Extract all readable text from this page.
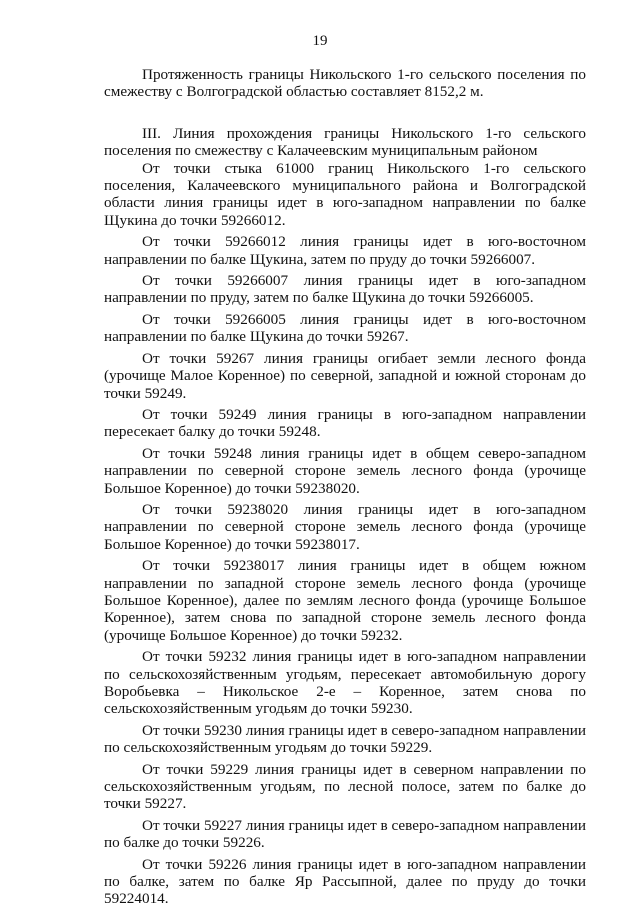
19

Протяженность границы Никольского 1-го сельского поселения по смежеству с Волгоградской областью составляет 8152,2 м.

III. Линия прохождения границы Никольского 1-го сельского поселения по смежеству с Калачеевским муниципальным районом

От точки стыка 61000 границ Никольского 1-го сельского поселения, Калачеевского муниципального района и Волгоградской области линия границы идет в юго-западном направлении по балке Щукина до точки 59266012.

От точки 59266012 линия границы идет в юго-восточном направлении по балке Щукина, затем по пруду до точки 59266007.

От точки 59266007 линия границы идет в юго-западном направлении по пруду, затем по балке Щукина до точки 59266005.

От точки 59266005 линия границы идет в юго-восточном направлении по балке Щукина до точки 59267.

От точки 59267 линия границы огибает земли лесного фонда (урочище Малое Коренное) по северной, западной и южной сторонам до точки 59249.

От точки 59249 линия границы в юго-западном направлении пересекает балку до точки 59248.

От точки 59248 линия границы идет в общем северо-западном направлении по северной стороне земель лесного фонда (урочище Большое Коренное) до точки 59238020.

От точки 59238020 линия границы идет в юго-западном направлении по северной стороне земель лесного фонда (урочище Большое Коренное) до точки 59238017.

От точки 59238017 линия границы идет в общем южном направлении по западной стороне земель лесного фонда (урочище Большое Коренное), далее по землям лесного фонда (урочище Большое Коренное), затем снова по западной стороне земель лесного фонда (урочище Большое Коренное) до точки 59232.

От точки 59232 линия границы идет в юго-западном направлении по сельскохозяйственным угодьям, пересекает автомобильную дорогу Воробьевка – Никольское 2-е – Коренное, затем снова по сельскохозяйственным угодьям до точки 59230.

От точки 59230 линия границы идет в северо-западном направлении по сельскохозяйственным угодьям до точки 59229.

От точки 59229 линия границы идет в северном направлении по сельскохозяйственным угодьям, по лесной полосе, затем по балке до точки 59227.

От точки 59227 линия границы идет в северо-западном направлении по балке до точки 59226.

От точки 59226 линия границы идет в юго-западном направлении по балке, затем по балке Яр Рассыпной, далее по пруду до точки 59224014.
